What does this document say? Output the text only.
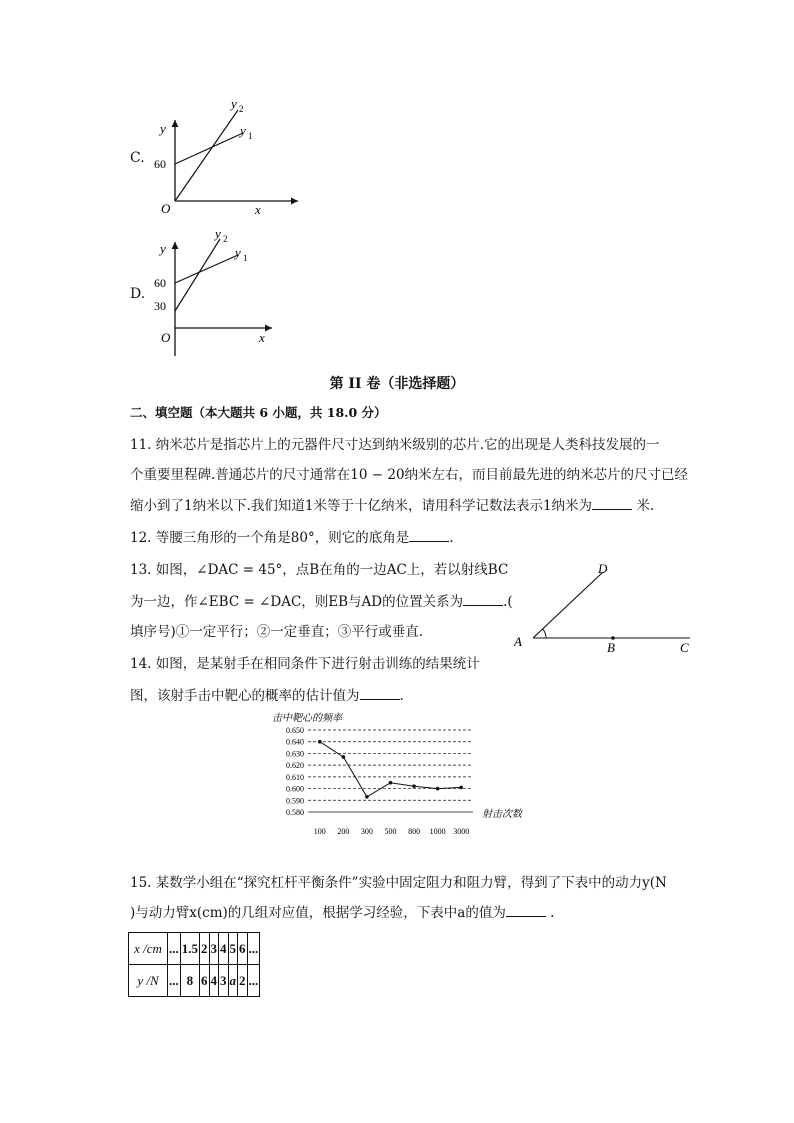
C.
y
60
O	x
y 2
y 1
D.
y
60
30
O	x
y 2
y 1
第 II 卷（非选择题）
二、填空题（本大题共 6 小题，共 18.0 分）
11. 纳米芯片是指芯片上的元器件尺寸达到纳米级别的芯片.它的出现是人类科技发展的一
个重要里程碑.普通芯片的尺寸通常在10 − 20纳米左右，而目前最先进的纳米芯片的尺寸已经
缩小到了1纳米以下.我们知道1米等于十亿纳米，请用科学记数法表示1纳米为	米.
12. 等腰三角形的一个角是80°，则它的底角是	.
13. 如图，∠DAC = 45°，点B在角的一边AC上，若以射线BC
为一边，作∠EBC = ∠DAC，则EB与AD的位置关系为	.(
填序号)①一定平行；②一定垂直；③平行或垂直.
A	B	C
D
14. 如图，是某射手在相同条件下进行射击训练的结果统计
图，该射手击中靶心的概率的估计值为	.
击中靶心的频率
射击次数
0.650
0.640
0.630
0.620
0.610
0.600
0.590
0.580
100 200 300 500 800 1000 3000
15. 某数学小组在“探究杠杆平衡条件”实验中固定阻力和阻力臂，得到了下表中的动力y(N
)与动力臂x(cm)的几组对应值，根据学习经验，下表中a的值为	.
x /cm	...	1.5	2	3	4	5	6	...
y /N	...	8	6	4	3	a	2	...
